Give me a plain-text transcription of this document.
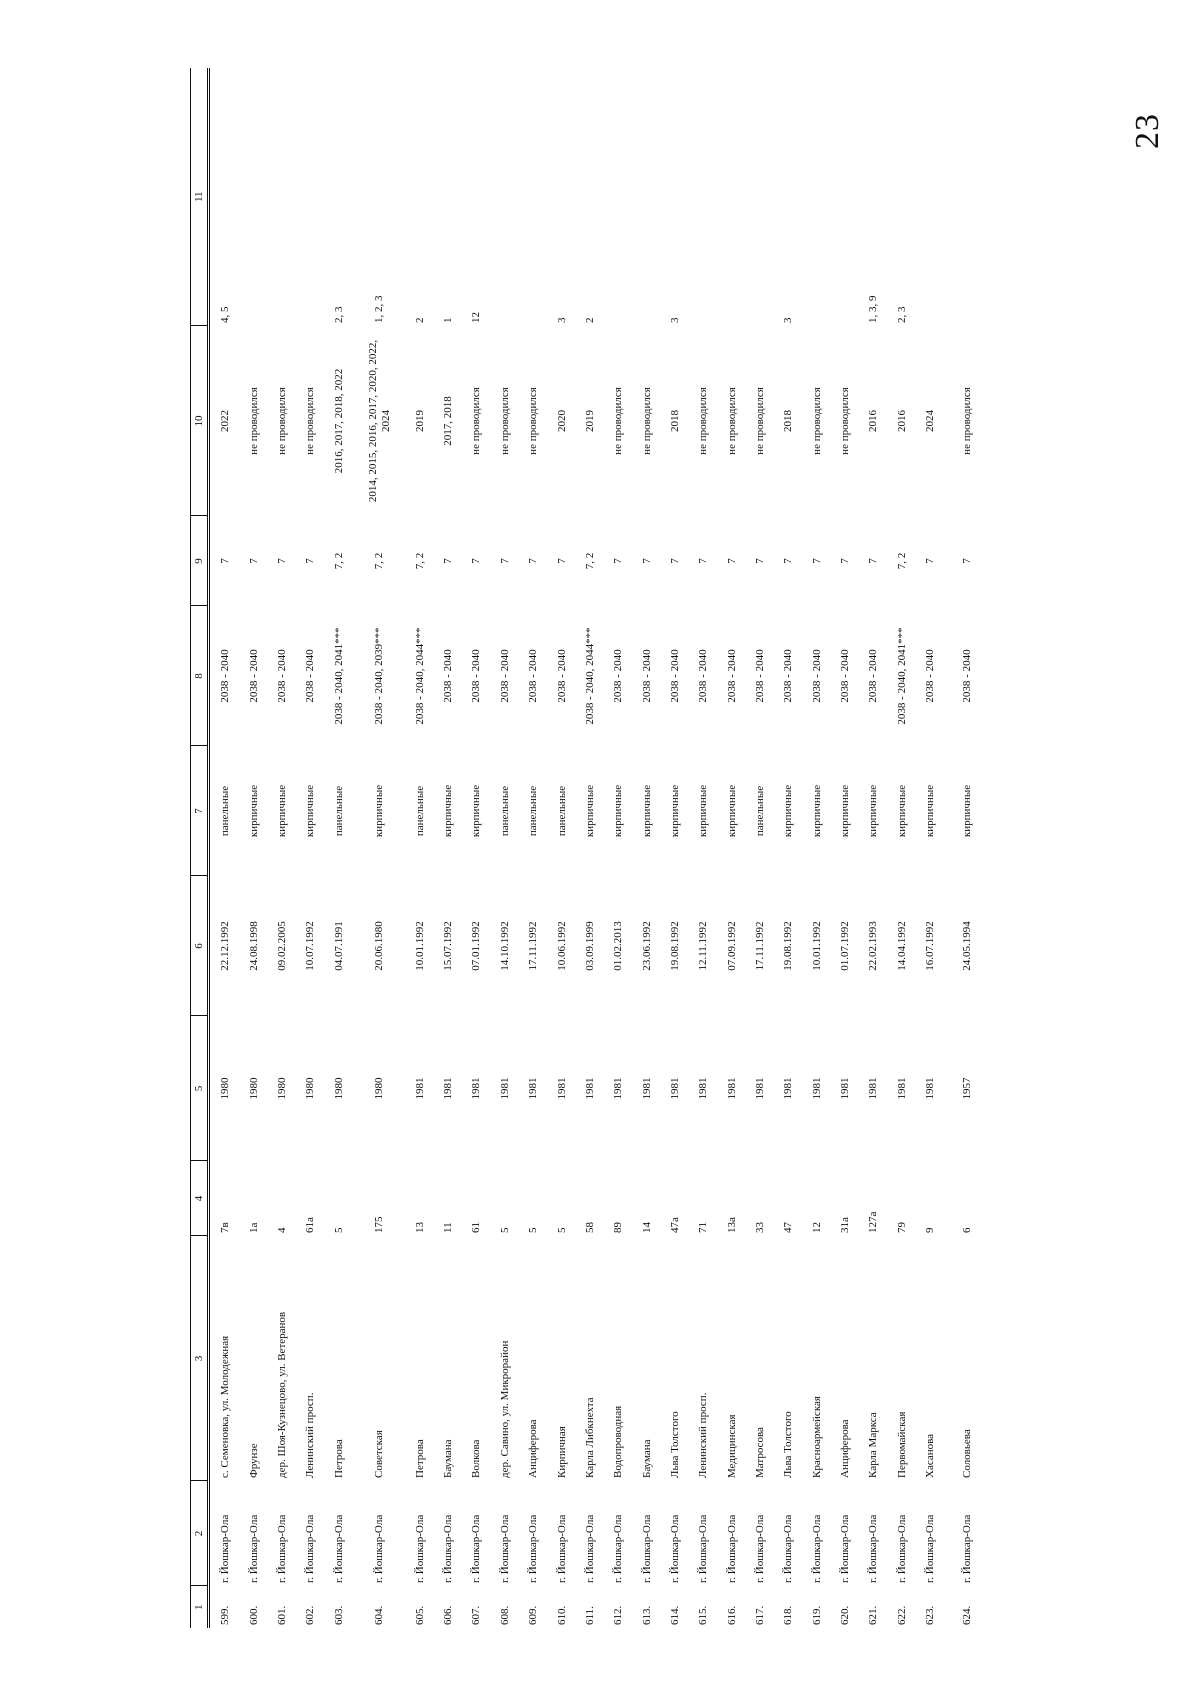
23
1	2	3	4	5	6	7	8	9	10	11
599.	г. Йошкар-Ола	с. Семеновка, ул. Молодежная	7в	1980	22.12.1992	панельные	2038 - 2040	7	2022	4, 5
600.	г. Йошкар-Ола	Фрунзе	1а	1980	24.08.1998	кирпичные	2038 - 2040	7	не проводился	
601.	г. Йошкар-Ола	дер. Шоя-Кузнецово, ул. Ветеранов	4	1980	09.02.2005	кирпичные	2038 - 2040	7	не проводился	
602.	г. Йошкар-Ола	Ленинский просп.	61а	1980	10.07.1992	кирпичные	2038 - 2040	7	не проводился	
603.	г. Йошкар-Ола	Петрова	5	1980	04.07.1991	панельные	2038 - 2040, 2041***	7, 2	2016, 2017, 2018, 2022	2, 3
604.	г. Йошкар-Ола	Советская	175	1980	20.06.1980	кирпичные	2038 - 2040, 2039***	7, 2	2014, 2015, 2016, 2017, 2020, 2022, 2024	1, 2, 3
605.	г. Йошкар-Ола	Петрова	13	1981	10.01.1992	панельные	2038 - 2040, 2044***	7, 2	2019	2
606.	г. Йошкар-Ола	Баумана	11	1981	15.07.1992	кирпичные	2038 - 2040	7	2017, 2018	1
607.	г. Йошкар-Ола	Волкова	61	1981	07.01.1992	кирпичные	2038 - 2040	7	не проводился	12
608.	г. Йошкар-Ола	дер. Савино, ул. Микрорайон	5	1981	14.10.1992	панельные	2038 - 2040	7	не проводился	
609.	г. Йошкар-Ола	Анциферова	5	1981	17.11.1992	панельные	2038 - 2040	7	не проводился	
610.	г. Йошкар-Ола	Кирпичная	5	1981	10.06.1992	панельные	2038 - 2040	7	2020	3
611.	г. Йошкар-Ола	Карла Либкнехта	58	1981	03.09.1999	кирпичные	2038 - 2040, 2044***	7, 2	2019	2
612.	г. Йошкар-Ола	Водопроводная	89	1981	01.02.2013	кирпичные	2038 - 2040	7	не проводился	
613.	г. Йошкар-Ола	Баумана	14	1981	23.06.1992	кирпичные	2038 - 2040	7	не проводился	
614.	г. Йошкар-Ола	Льва Толстого	47а	1981	19.08.1992	кирпичные	2038 - 2040	7	2018	3
615.	г. Йошкар-Ола	Ленинский просп.	71	1981	12.11.1992	кирпичные	2038 - 2040	7	не проводился	
616.	г. Йошкар-Ола	Медицинская	13а	1981	07.09.1992	кирпичные	2038 - 2040	7	не проводился	
617.	г. Йошкар-Ола	Матросова	33	1981	17.11.1992	панельные	2038 - 2040	7	не проводился	
618.	г. Йошкар-Ола	Льва Толстого	47	1981	19.08.1992	кирпичные	2038 - 2040	7	2018	3
619.	г. Йошкар-Ола	Красноармейская	12	1981	10.01.1992	кирпичные	2038 - 2040	7	не проводился	
620.	г. Йошкар-Ола	Анциферова	31а	1981	01.07.1992	кирпичные	2038 - 2040	7	не проводился	
621.	г. Йошкар-Ола	Карла Маркса	127а	1981	22.02.1993	кирпичные	2038 - 2040	7	2016	1, 3, 9
622.	г. Йошкар-Ола	Первомайская	79	1981	14.04.1992	кирпичные	2038 - 2040, 2041***	7, 2	2016	2, 3
623.	г. Йошкар-Ола	Хасанова	9	1981	16.07.1992	кирпичные	2038 - 2040	7	2024	
624.	г. Йошкар-Ола	Соловьева	6	1957	24.05.1994	кирпичные	2038 - 2040	7	не проводился	
